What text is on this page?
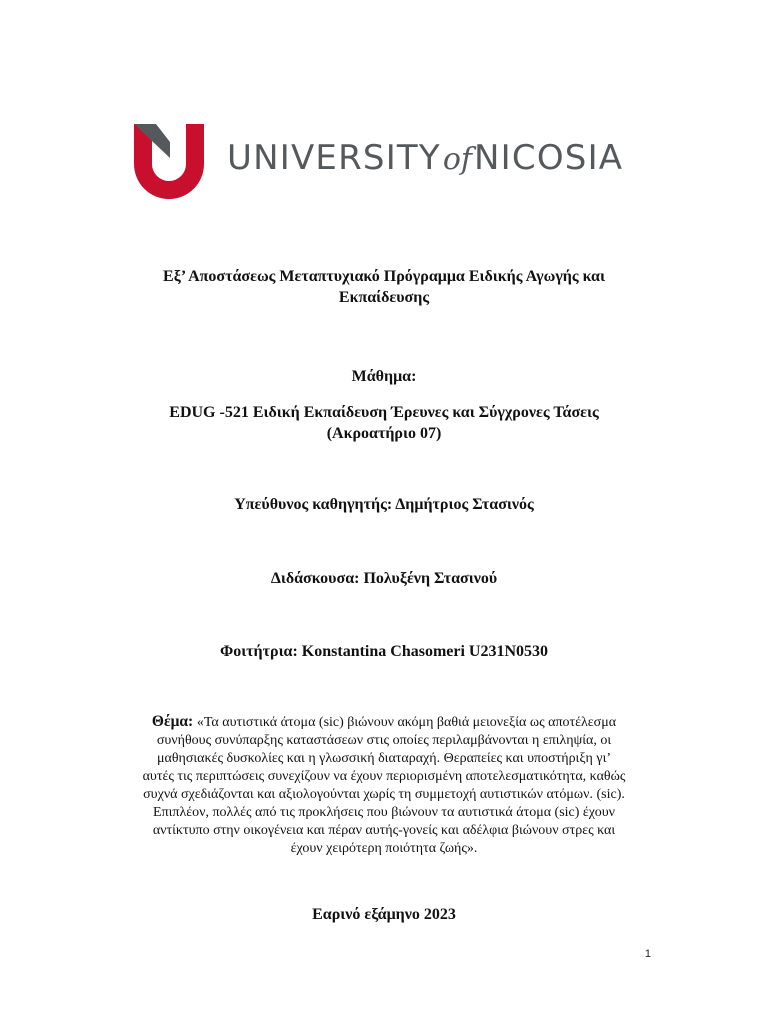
UNIVERSITYofNICOSIA
Εξ’ Αποστάσεως Μεταπτυχιακό Πρόγραμμα Ειδικής Αγωγής και
Εκπαίδευσης
Μάθημα:
EDUG -521 Ειδική Εκπαίδευση Έρευνες και Σύγχρονες Τάσεις
(Ακροατήριο 07)
Υπεύθυνος καθηγητής: Δημήτριος Στασινός
Διδάσκουσα: Πολυξένη Στασινού
Φοιτήτρια: Konstantina Chasomeri U231N0530
Θέμα: «Τα αυτιστικά άτομα (sic) βιώνουν ακόμη βαθιά μειονεξία ως αποτέλεσμα
συνήθους συνύπαρξης καταστάσεων στις οποίες περιλαμβάνονται η επιληψία, οι
μαθησιακές δυσκολίες και η γλωσσική διαταραχή. Θεραπείες και υποστήριξη γι’
αυτές τις περιπτώσεις συνεχίζουν να έχουν περιορισμένη αποτελεσματικότητα, καθώς
συχνά σχεδιάζονται και αξιολογούνται χωρίς τη συμμετοχή αυτιστικών ατόμων. (sic).
Επιπλέον, πολλές από τις προκλήσεις που βιώνουν τα αυτιστικά άτομα (sic) έχουν
αντίκτυπο στην οικογένεια και πέραν αυτής-γονείς και αδέλφια βιώνουν στρες και
έχουν χειρότερη ποιότητα ζωής».
Εαρινό εξάμηνο 2023
1
